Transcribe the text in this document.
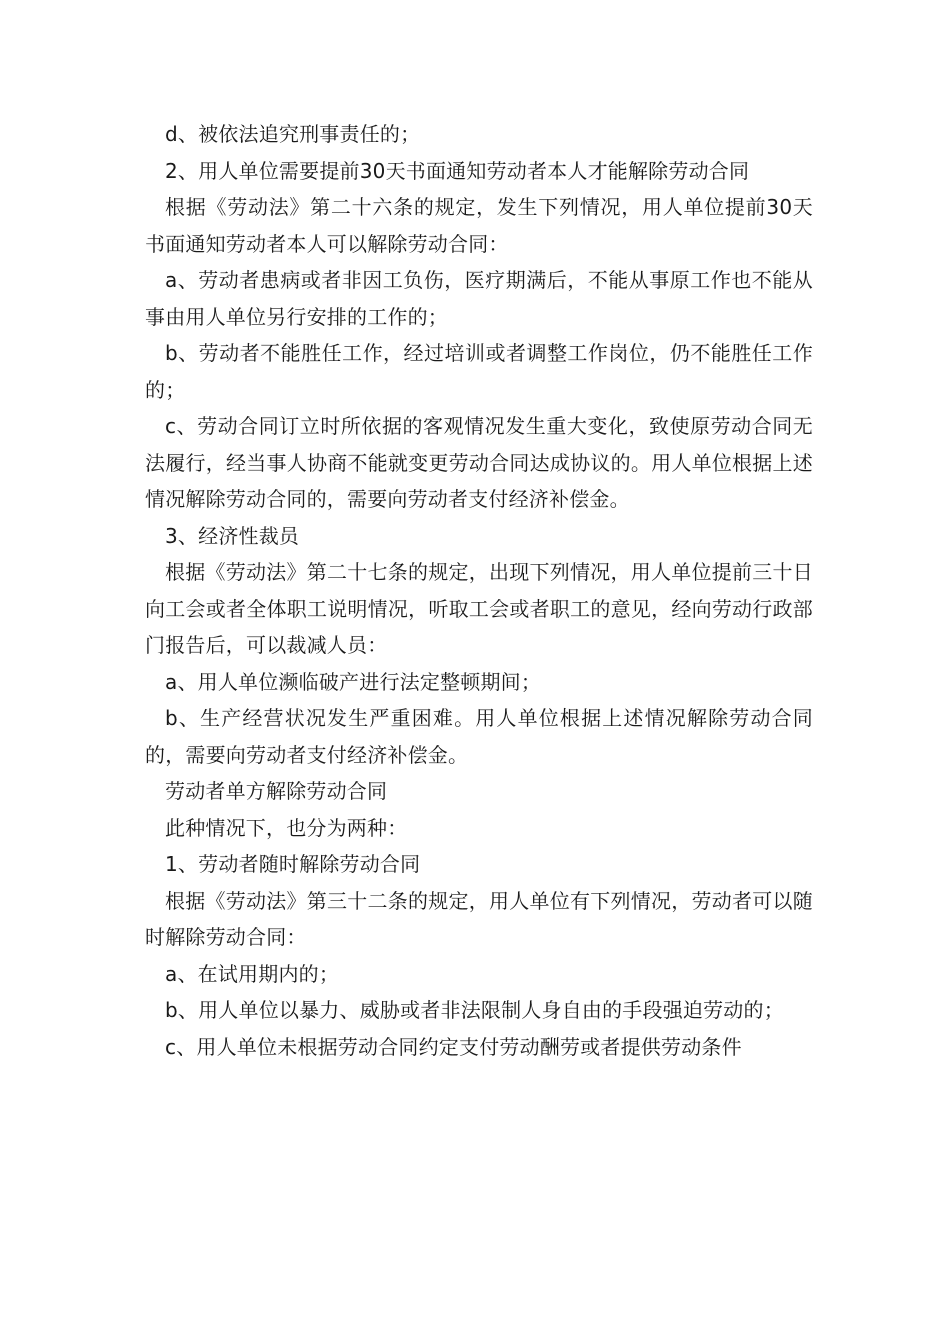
d、被依法追究刑事责任的；

2、用人单位需要提前30天书面通知劳动者本人才能解除劳动合同

根据《劳动法》第二十六条的规定，发生下列情况，用人单位提前30天书面通知劳动者本人可以解除劳动合同：

a、劳动者患病或者非因工负伤，医疗期满后，不能从事原工作也不能从事由用人单位另行安排的工作的；

b、劳动者不能胜任工作，经过培训或者调整工作岗位，仍不能胜任工作的；

c、劳动合同订立时所依据的客观情况发生重大变化，致使原劳动合同无法履行，经当事人协商不能就变更劳动合同达成协议的。用人单位根据上述情况解除劳动合同的，需要向劳动者支付经济补偿金。

3、经济性裁员

根据《劳动法》第二十七条的规定，出现下列情况，用人单位提前三十日向工会或者全体职工说明情况，听取工会或者职工的意见，经向劳动行政部门报告后，可以裁减人员：

a、用人单位濒临破产进行法定整顿期间；

b、生产经营状况发生严重困难。用人单位根据上述情况解除劳动合同的，需要向劳动者支付经济补偿金。

劳动者单方解除劳动合同

此种情况下，也分为两种：

1、劳动者随时解除劳动合同

根据《劳动法》第三十二条的规定，用人单位有下列情况，劳动者可以随时解除劳动合同：

a、在试用期内的；

b、用人单位以暴力、威胁或者非法限制人身自由的手段强迫劳动的；

c、用人单位未根据劳动合同约定支付劳动酬劳或者提供劳动条件
